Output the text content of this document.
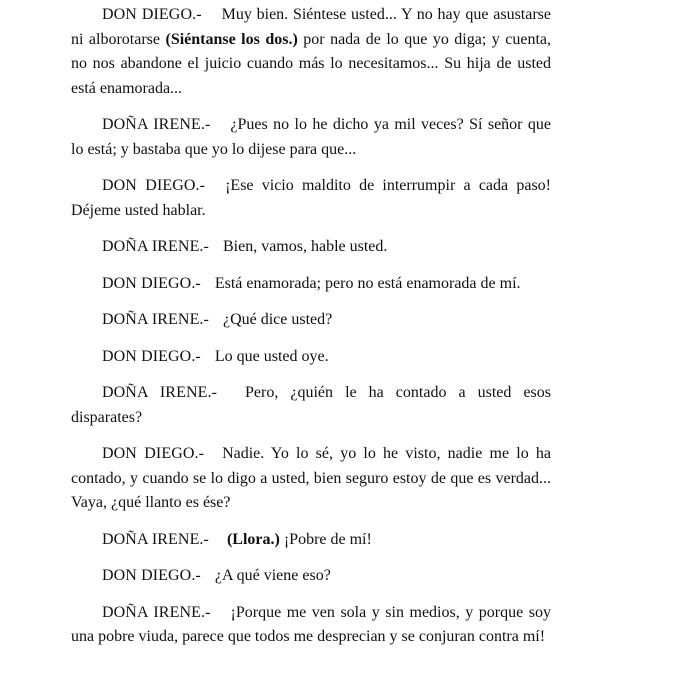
DON DIEGO.- Muy bien. Siéntese usted... Y no hay que asustarse ni alborotarse (Siéntanse los dos.) por nada de lo que yo diga; y cuenta, no nos abandone el juicio cuando más lo necesitamos... Su hija de usted está enamorada...

DOÑA IRENE.- ¿Pues no lo he dicho ya mil veces? Sí señor que lo está; y bastaba que yo lo dijese para que...

DON DIEGO.- ¡Ese vicio maldito de interrumpir a cada paso! Déjeme usted hablar.

DOÑA IRENE.- Bien, vamos, hable usted.

DON DIEGO.- Está enamorada; pero no está enamorada de mí.

DOÑA IRENE.- ¿Qué dice usted?

DON DIEGO.- Lo que usted oye.

DOÑA IRENE.- Pero, ¿quién le ha contado a usted esos disparates?

DON DIEGO.- Nadie. Yo lo sé, yo lo he visto, nadie me lo ha contado, y cuando se lo digo a usted, bien seguro estoy de que es verdad... Vaya, ¿qué llanto es ése?

DOÑA IRENE.- (Llora.) ¡Pobre de mí!

DON DIEGO.- ¿A qué viene eso?

DOÑA IRENE.- ¡Porque me ven sola y sin medios, y porque soy una pobre viuda, parece que todos me desprecian y se conjuran contra mí!
